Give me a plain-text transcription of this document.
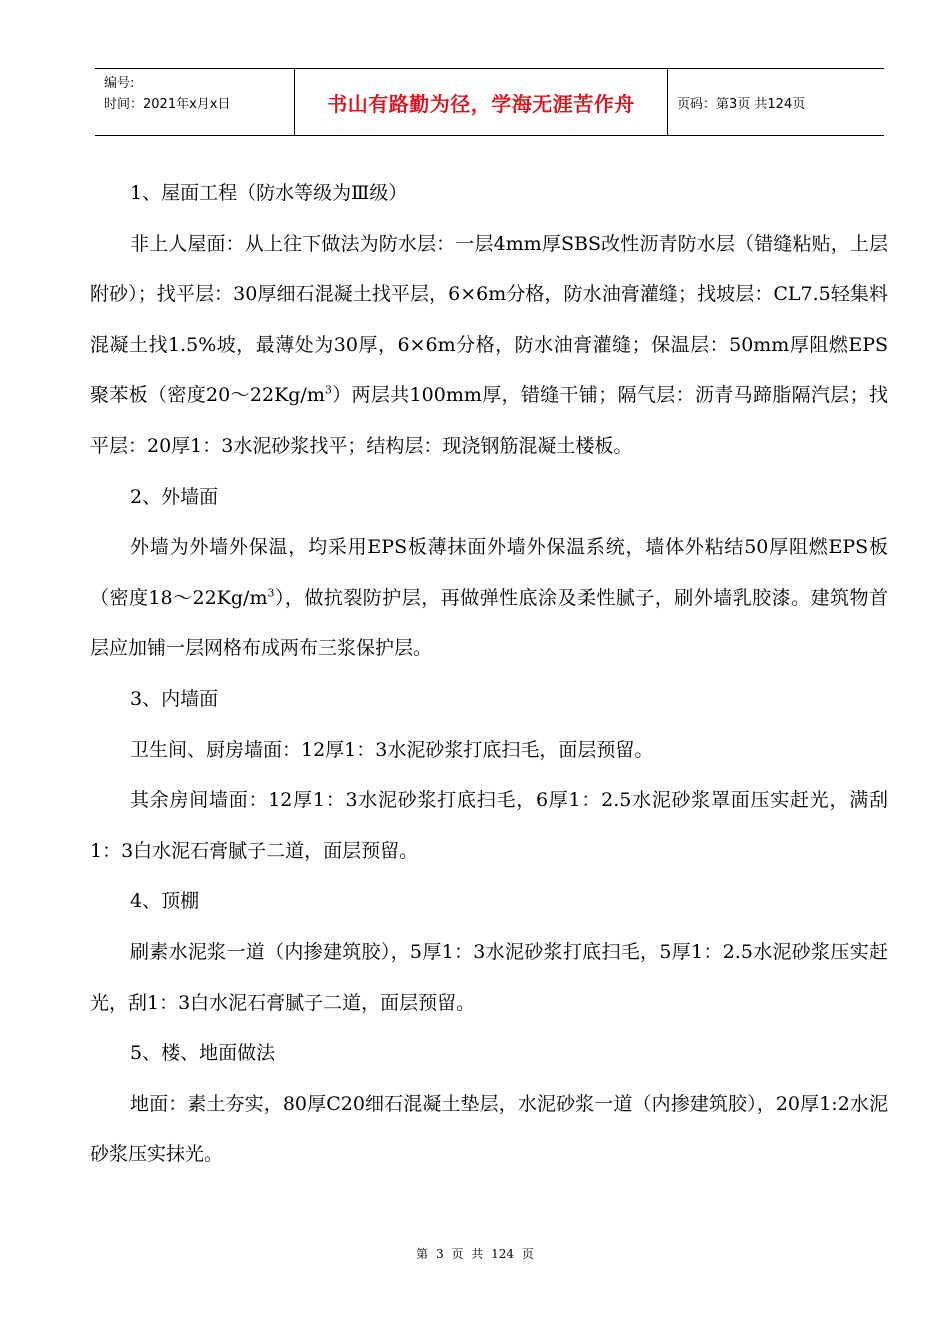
编号:
时间：2021年x月x日	书山有路勤为径，学海无涯苦作舟	页码：第3页 共124页

1、屋面工程（防水等级为Ⅲ级）

非上人屋面：从上往下做法为防水层：一层4mm厚SBS改性沥青防水层（错缝粘贴，上层附砂）；找平层：30厚细石混凝土找平层，6×6m分格，防水油膏灌缝；找坡层：CL7.5轻集料混凝土找1.5%坡，最薄处为30厚，6×6m分格，防水油膏灌缝；保温层：50mm厚阻燃EPS聚苯板（密度$20\sim 22Kg/m^3$）两层共100mm厚，错缝干铺；隔气层：沥青马蹄脂隔汽层；找平层：20厚1：3水泥砂浆找平；结构层：现浇钢筋混凝土楼板。

2、外墙面

外墙为外墙外保温，均采用EPS板薄抹面外墙外保温系统，墙体外粘结50厚阻燃EPS板（密度$18\sim 22Kg/m^3$），做抗裂防护层，再做弹性底涂及柔性腻子，刷外墙乳胶漆。建筑物首层应加铺一层网格布成两布三浆保护层。

3、内墙面

卫生间、厨房墙面：12厚1：3水泥砂浆打底扫毛，面层预留。

其余房间墙面：12厚1：3水泥砂浆打底扫毛，6厚1：2.5水泥砂浆罩面压实赶光，满刮1：3白水泥石膏腻子二道，面层预留。

4、顶棚

刷素水泥浆一道（内掺建筑胶），5厚1：3水泥砂浆打底扫毛，5厚1：2.5水泥砂浆压实赶光，刮1：3白水泥石膏腻子二道，面层预留。

5、楼、地面做法

地面：素土夯实，80厚C20细石混凝土垫层，水泥砂浆一道（内掺建筑胶），20厚1:2水泥砂浆压实抹光。

第 3 页 共 124 页
